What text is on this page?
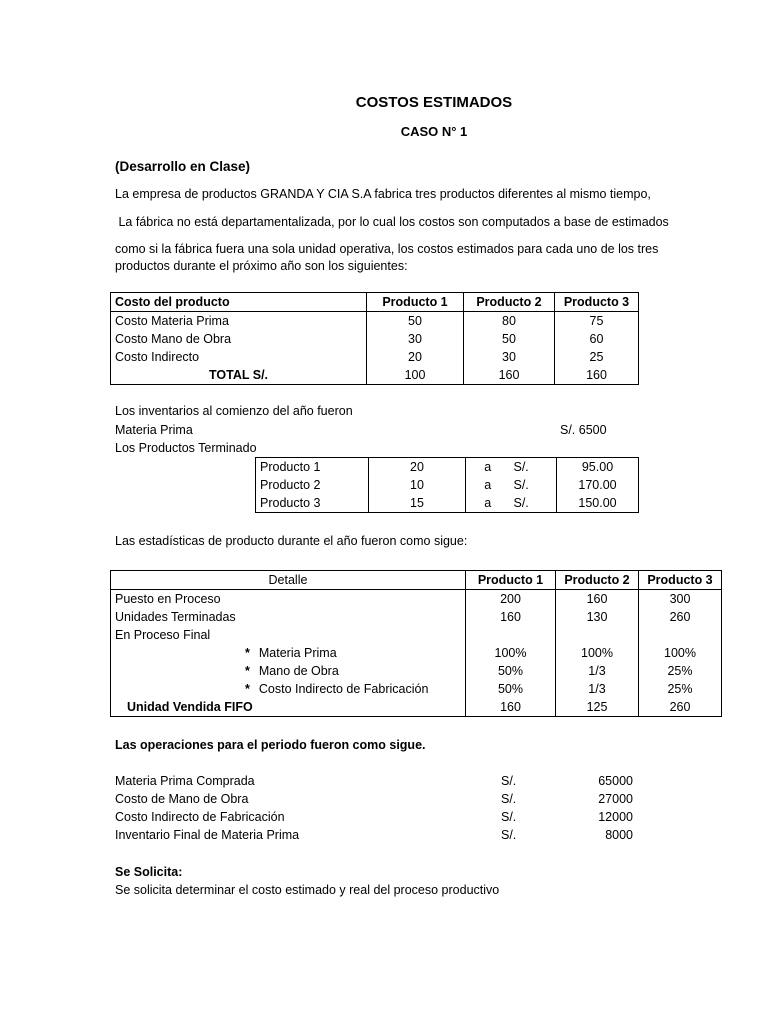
COSTOS ESTIMADOS
CASO N° 1
(Desarrollo en Clase)
La empresa de productos GRANDA Y CIA S.A fabrica tres productos diferentes al mismo tiempo,
La fábrica no está departamentalizada, por lo cual los costos son computados a base de estimados
como si la fábrica fuera una sola unidad operativa, los costos estimados para cada uno de los tres
productos durante el próximo año son los siguientes:
Costo del producto	Producto 1	Producto 2	Producto 3
Costo Materia Prima	50	80	75
Costo Mano de Obra	30	50	60
Costo Indirecto	20	30	25
TOTAL S/.	100	160	160
Los inventarios al comienzo del año fueron
Materia Prima	S/. 6500
Los Productos Terminado
Producto 1	20	a	S/.	95.00
Producto 2	10	a	S/.	170.00
Producto 3	15	a	S/.	150.00
Las estadísticas de producto durante el año fueron como sigue:
Detalle	Producto 1	Producto 2	Producto 3
Puesto en Proceso	200	160	300
Unidades Terminadas	160	130	260
En Proceso Final			
* Materia Prima	100%	100%	100%
* Mano de Obra	50%	1/3	25%
* Costo Indirecto de Fabricación	50%	1/3	25%
Unidad Vendida FIFO	160	125	260
Las operaciones para el periodo fueron como sigue.
Materia Prima Comprada	S/.	65000
Costo de Mano de Obra	S/.	27000
Costo Indirecto de Fabricación	S/.	12000
Inventario Final de Materia Prima	S/.	8000
Se Solicita:
Se solicita determinar el costo estimado y real del proceso productivo
